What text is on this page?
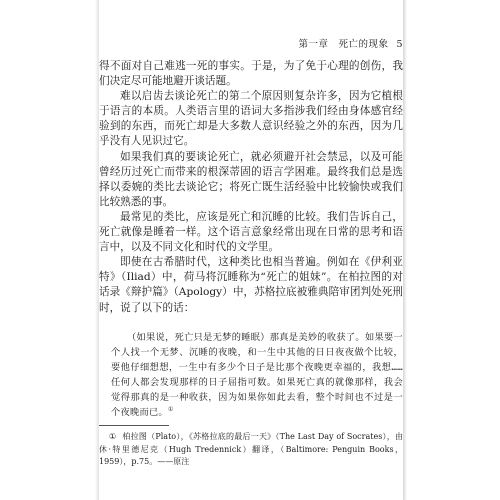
第一章　死亡的现象 5

得不面对自己难逃一死的事实。于是，为了免于心理的创伤，我们决定尽可能地避开谈话题。

难以启齿去谈论死亡的第二个原因则复杂许多，因为它植根于语言的本质。人类语言里的语词大多指涉我们经由身体感官经验到的东西，而死亡却是大多数人意识经验之外的东西，因为几乎没有人见识过它。

如果我们真的要谈论死亡，就必须避开社会禁忌，以及可能曾经历过死亡而带来的根深蒂固的语言学困难。最终我们总是选择以委婉的类比去谈论它；将死亡既生活经验中比较愉快或我们比较熟悉的事。

最常见的类比，应该是死亡和沉睡的比较。我们告诉自己，死亡就像是睡着一样。这个语言意象经常出现在日常的思考和语言中，以及不同文化和时代的文学里。

即使在古希腊时代，这种类比也相当普遍。例如在《伊利亚特》（Iliad）中，荷马将沉睡称为“死亡的姐妹”。在柏拉图的对话录《辩护篇》（Apology）中，苏格拉底被雅典陪审团判处死刑时，说了以下的话：

（如果说，死亡只是无梦的睡眠）那真是美妙的收获了。如果要一个人找一个无梦、沉睡的夜晚，和一生中其他的日日夜夜做个比较，要他仔细想想，一生中有多少个日子是比那个夜晚更幸福的，我想……任何人都会发现那样的日子屈指可数。如果死亡真的就像那样，我会觉得那真的是一种收获，因为如果你如此去看，整个时间也不过是一个夜晚而已。①
① 柏拉图（Plato），《苏格拉底的最后一天》（The Last Day of Socrates），由休·特里德尼克（Hugh Tredennick）翻译，（Baltimore: Penguin Books，1959），p.75。——原注
